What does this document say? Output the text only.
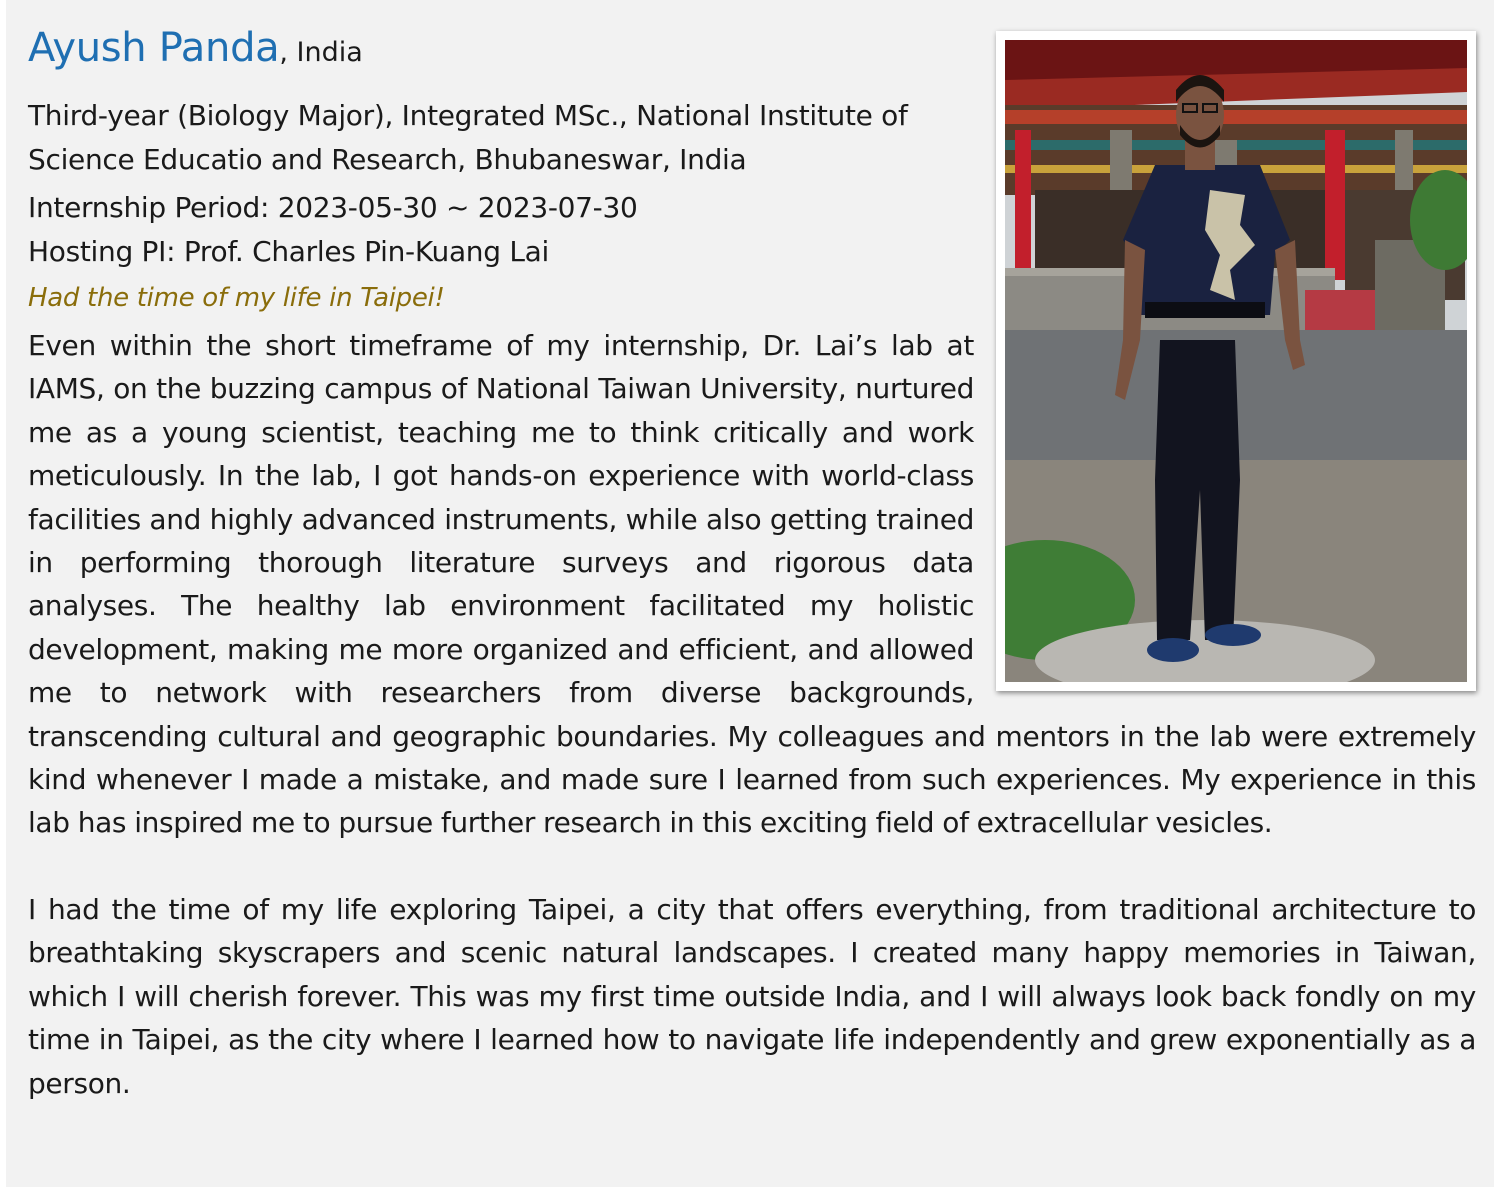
Ayush Panda, India

Third-year (Biology Major), Integrated MSc., National Institute of Science Educatio and Research, Bhubaneswar, India

Internship Period: 2023-05-30 ~ 2023-07-30

Hosting PI: Prof. Charles Pin-Kuang Lai

Had the time of my life in Taipei!

Even within the short timeframe of my internship, Dr. Lai’s lab at IAMS, on the buzzing campus of National Taiwan University, nurtured me as a young scientist, teaching me to think critically and work meticulously. In the lab, I got hands-on experience with world-class facilities and highly advanced instruments, while also getting trained in performing thorough literature surveys and rigorous data analyses. The healthy lab environment facilitated my holistic development, making me more organized and efficient, and allowed me to network with researchers from diverse backgrounds, transcending cultural and geographic boundaries. My colleagues and mentors in the lab were extremely kind whenever I made a mistake, and made sure I learned from such experiences. My experience in this lab has inspired me to pursue further research in this exciting field of extracellular vesicles.

I had the time of my life exploring Taipei, a city that offers everything, from traditional architecture to breathtaking skyscrapers and scenic natural landscapes. I created many happy memories in Taiwan, which I will cherish forever. This was my first time outside India, and I will always look back fondly on my time in Taipei, as the city where I learned how to navigate life independently and grew exponentially as a person.
